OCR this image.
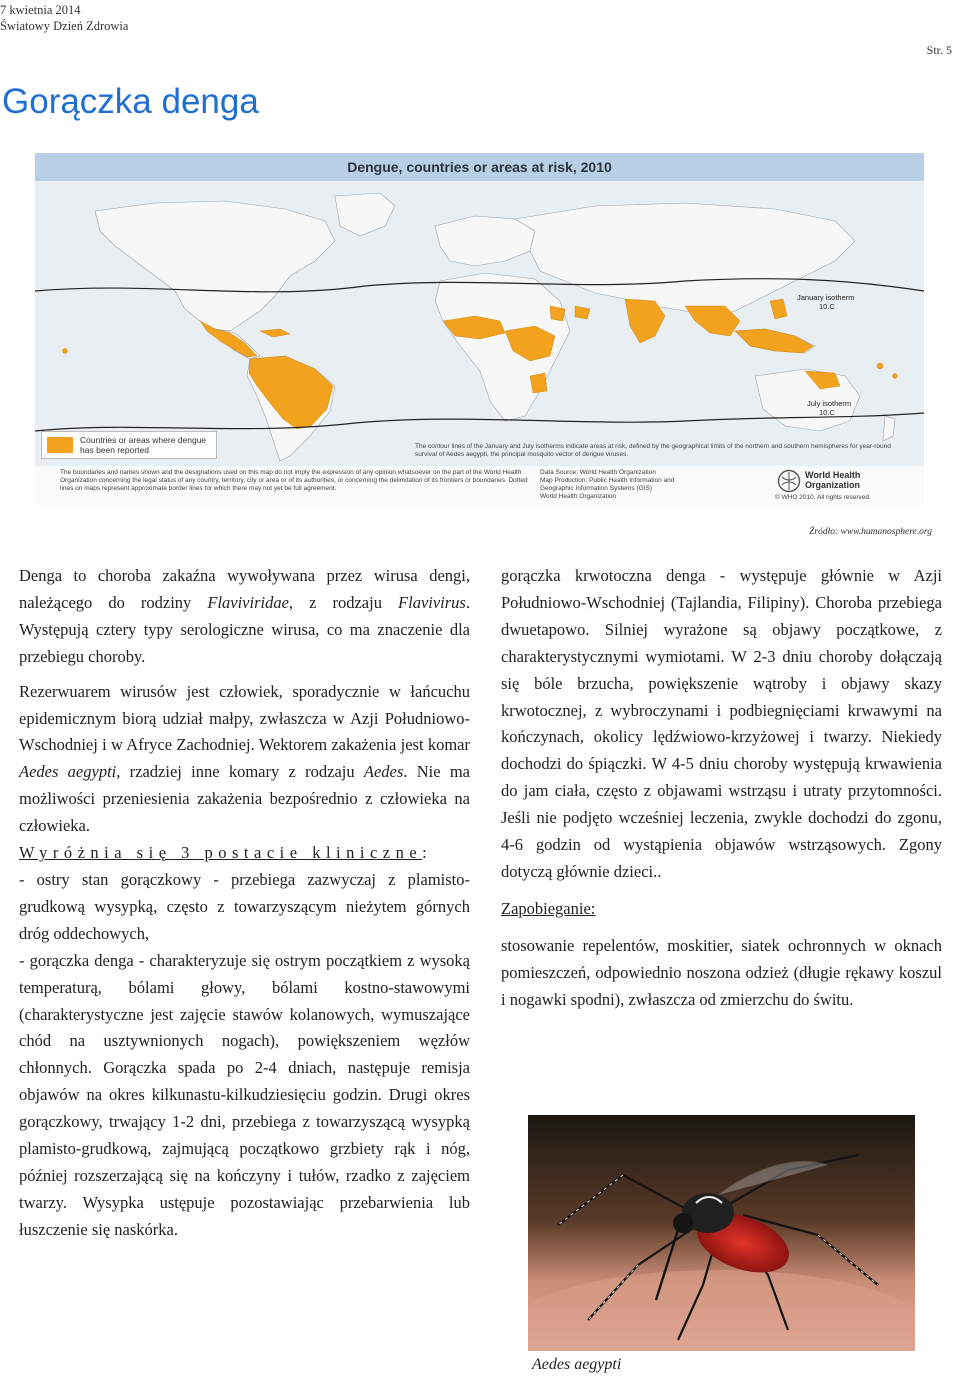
7 kwietnia 2014
Światowy Dzień Zdrowia
Str. 5
Gorączka denga
Dengue, countries or areas at risk, 2010
January isotherm
10.C
July isotherm
10.C
Countries or areas where dengue has been reported	The contour lines of the January and July isotherms indicate areas at risk, defined by the geographical limits of the northern and southern hemispheres for year-round survival of Aedes aegypti, the principal mosquito vector of dengue viruses.
The boundaries and names shown and the designations used on this map do not imply the expression of any opinion whatsoever on the part of the World Health Organization concerning the legal status of any country, territory, city or area or of its authorities, or concerning the delimitation of its frontiers or boundaries. Dotted lines on maps represent approximate border lines for which there may not yet be full agreement.
Data Source: World Health Organization
Map Production: Public Health Information and Geographic Information Systems (GIS)
World Health Organization
World Health
Organization
© WHO 2010. All rights reserved.
Źródło: www.humanosphere.org

Denga to choroba zakaźna wywoływana przez wirusa dengi, należącego do rodziny Flaviviridae, z rodzaju Flavivirus. Występują cztery typy serologiczne wirusa, co ma znaczenie dla przebiegu choroby.

Rezerwuarem wirusów jest człowiek, sporadycznie w łańcuchu epidemicznym biorą udział małpy, zwłaszcza w Azji Południowo-Wschodniej i w Afryce Zachodniej. Wektorem zakażenia jest komar Aedes aegypti, rzadziej inne komary z rodzaju Aedes. Nie ma możliwości przeniesienia zakażenia bezpośrednio z człowieka na człowieka.

Wyróżnia się 3 postacie kliniczne:

- ostry stan gorączkowy - przebiega zazwyczaj z plamisto-grudkową wysypką, często z towarzyszącym nieżytem górnych dróg oddechowych,

- gorączka denga - charakteryzuje się ostrym początkiem z wysoką temperaturą, bólami głowy, bólami kostno-stawowymi (charakterystyczne jest zajęcie stawów kolanowych, wymuszające chód na usztywnionych nogach), powiększeniem węzłów chłonnych. Gorączka spada po 2-4 dniach, następuje remisja objawów na okres kilkunastu-kilkudziesięciu godzin. Drugi okres gorączkowy, trwający 1-2 dni, przebiega z towarzyszącą wysypką plamisto-grudkową, zajmującą początkowo grzbiety rąk i nóg, później rozszerzającą się na kończyny i tułów, rzadko z zajęciem twarzy. Wysypka ustępuje pozostawiając przebarwienia lub łuszczenie się naskórka.

gorączka krwotoczna denga - występuje głównie w Azji Południowo-Wschodniej (Tajlandia, Filipiny). Choroba przebiega dwuetapowo. Silniej wyrażone są objawy początkowe, z charakterystycznymi wymiotami. W 2-3 dniu choroby dołączają się bóle brzucha, powiększenie wątroby i objawy skazy krwotocznej, z wybroczynami i podbiegnięciami krwawymi na kończynach, okolicy lędźwiowo-krzyżowej i twarzy. Niekiedy dochodzi do śpiączki. W 4-5 dniu choroby występują krwawienia do jam ciała, często z objawami wstrząsu i utraty przytomności. Jeśli nie podjęto wcześniej leczenia, zwykle dochodzi do zgonu, 4-6 godzin od wystąpienia objawów wstrząsowych. Zgony dotyczą głównie dzieci..

Zapobieganie:

stosowanie repelentów, moskitier, siatek ochronnych w oknach pomieszczeń, odpowiednio noszona odzież (długie rękawy koszul i nogawki spodni), zwłaszcza od zmierzchu do świtu.

Aedes aegypti
